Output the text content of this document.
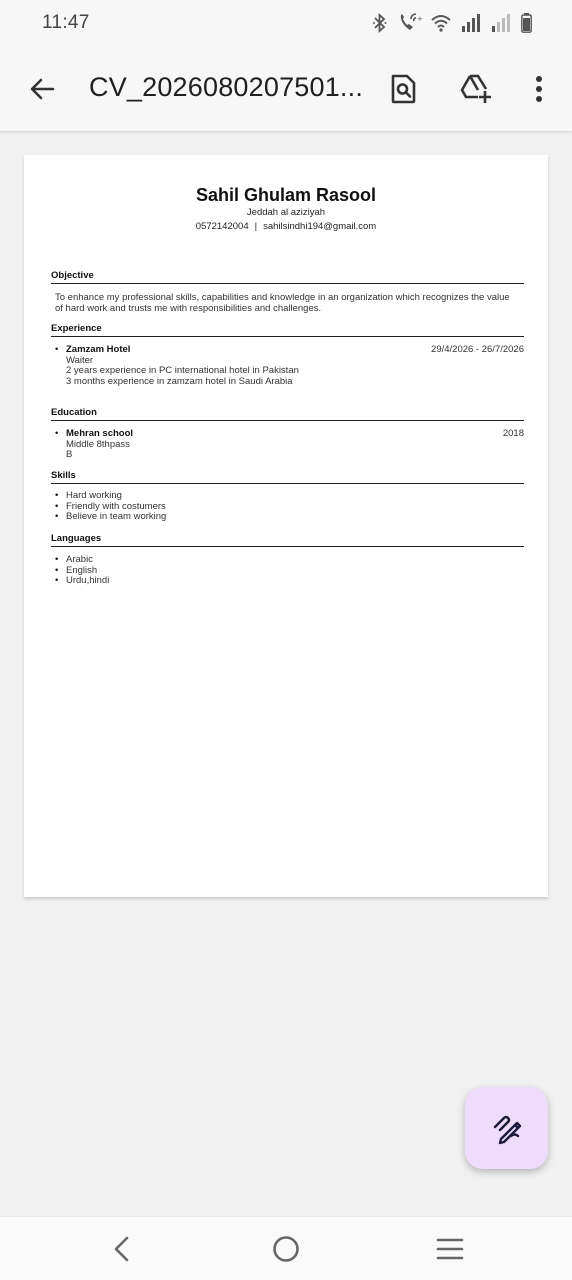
11:47	+
CV_2026080207501...
Sahil Ghulam Rasool
Jeddah al aziziyah
0572142004 | sahilsindhi194@gmail.com
Objective
To enhance my professional skills, capabilities and knowledge in an organization which recognizes the value of hard work and trusts me with responsibilities and challenges.
Experience
• Zamzam Hotel
Waiter
2 years experience in PC international hotel in Pakistan
3 months experience in zamzam hotel in Saudi Arabia
29/4/2026 - 26/7/2026
Education
• Mehran school
Middle 8thpass
B
2018
Skills
• Hard working
• Friendly with costumers
• Believe in team working
Languages
• Arabic
• English
• Urdu,hindi
